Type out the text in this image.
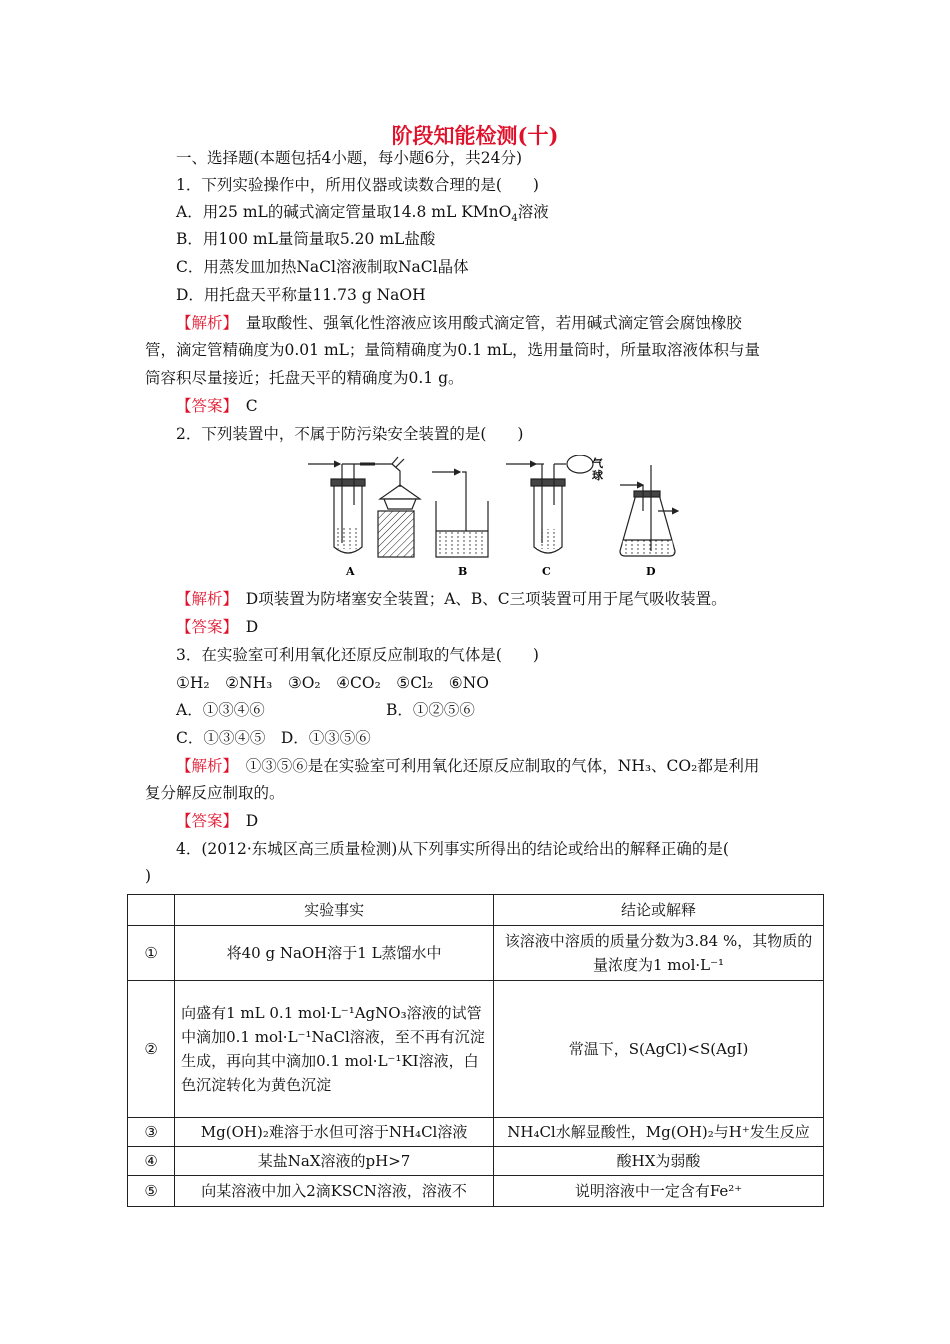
阶段知能检测(十)
一、选择题(本题包括4小题，每小题6分，共24分)
1．下列实验操作中，所用仪器或读数合理的是(　　)
A．用25 mL的碱式滴定管量取14.8 mL KMnO$_4$溶液
B．用100 mL量筒量取5.20 mL盐酸
C．用蒸发皿加热NaCl溶液制取NaCl晶体
D．用托盘天平称量11.73 g NaOH
【解析】　量取酸性、强氧化性溶液应该用酸式滴定管，若用碱式滴定管会腐蚀橡胶
管，滴定管精确度为0.01 mL；量筒精确度为0.1 mL，选用量筒时，所量取溶液体积与量
筒容积尽量接近；托盘天平的精确度为0.1 g。
【答案】　C
2．下列装置中，不属于防污染安全装置的是(　　)
A	B
气
球
C	D
【解析】　D项装置为防堵塞安全装置；A、B、C三项装置可用于尾气吸收装置。
【答案】　D
3．在实验室可利用氧化还原反应制取的气体是(　　)
①H₂　②NH₃　③O₂　④CO₂　⑤Cl₂　⑥NO
A．①③④⑥	B．①②⑤⑥
C．①③④⑤　D．①③⑤⑥
【解析】　①③⑤⑥是在实验室可利用氧化还原反应制取的气体，NH₃、CO₂都是利用
复分解反应制取的。
【答案】　D
4．(2012·东城区高三质量检测)从下列事实所得出的结论或给出的解释正确的是(
)
	实验事实	结论或解释
①	将40 g NaOH溶于1 L蒸馏水中	该溶液中溶质的质量分数为3.84 %，其物质的量浓度为1 mol·L⁻¹
②	向盛有1 mL 0.1 mol·L⁻¹AgNO₃溶液的试管中滴加0.1 mol·L⁻¹NaCl溶液，至不再有沉淀生成，再向其中滴加0.1 mol·L⁻¹KI溶液，白色沉淀转化为黄色沉淀	常温下，S(AgCl)<S(AgI)
③	Mg(OH)₂难溶于水但可溶于NH₄Cl溶液	NH₄Cl水解显酸性，Mg(OH)₂与H⁺发生反应
④	某盐NaX溶液的pH>7	酸HX为弱酸
⑤	向某溶液中加入2滴KSCN溶液，溶液不	说明溶液中一定含有Fe²⁺
